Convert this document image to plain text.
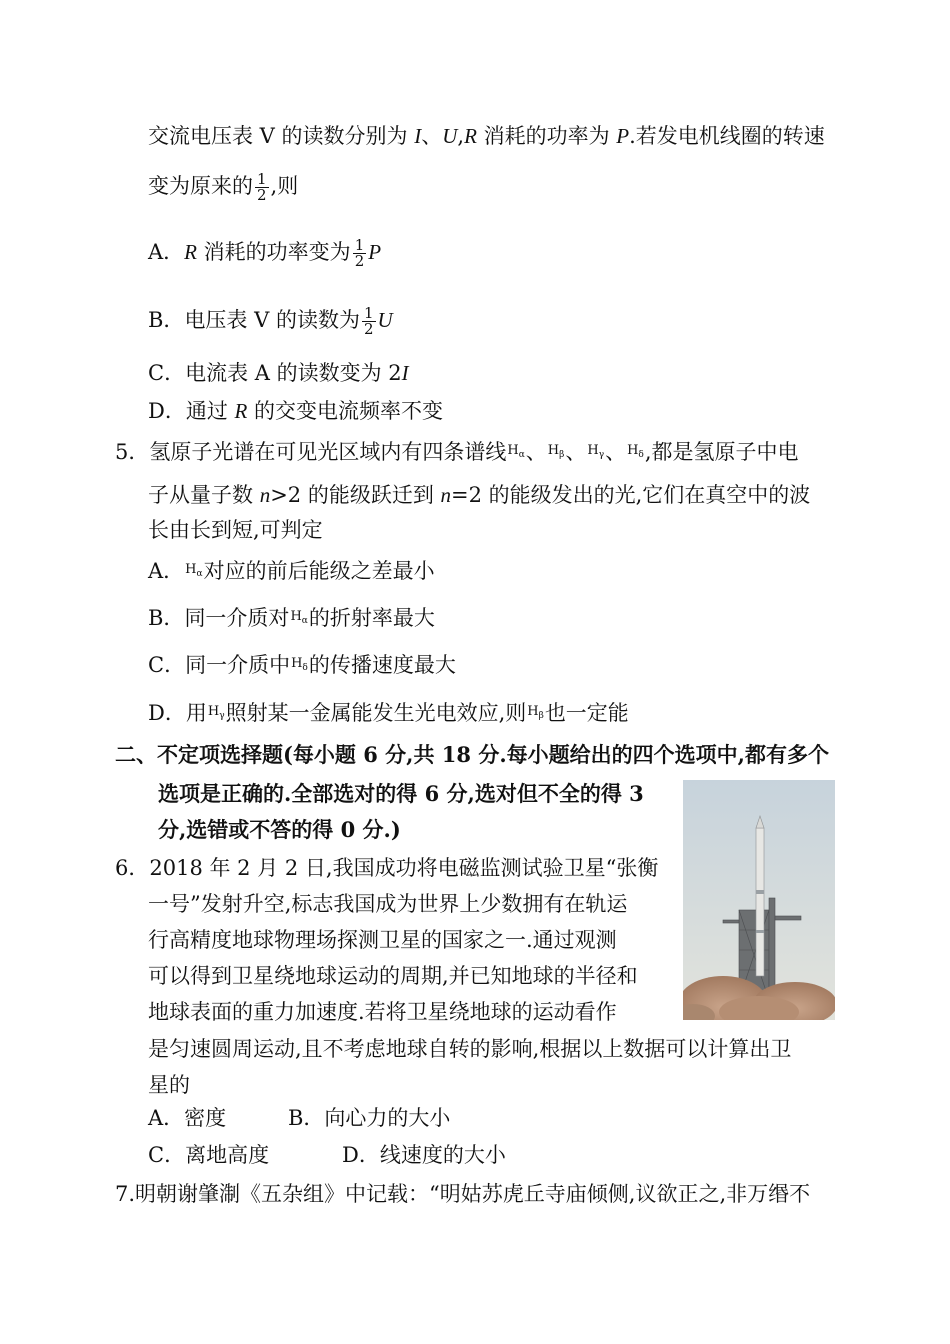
交流电压表 V 的读数分别为 I、U,R 消耗的功率为 P.若发电机线圈的转速
变为原来的 $\frac{1}{2}$ ,则
A．R 消耗的功率变为 $\frac{1}{2}$ P
B．电压表 V 的读数为 $\frac{1}{2}$ U
C．电流表 A 的读数变为 2I
D．通过 R 的交变电流频率不变
5．氢原子光谱在可见光区域内有四条谱线$H_\alpha$、$H_\beta$、$H_\gamma$、$H_\delta$,都是氢原子中电
子从量子数 n>2 的能级跃迁到 n=2 的能级发出的光,它们在真空中的波
长由长到短,可判定
A．$H_\alpha$对应的前后能级之差最小
B．同一介质对$H_\alpha$的折射率最大
C．同一介质中$H_\delta$的传播速度最大
D．用$H_\gamma$照射某一金属能发生光电效应,则$H_\beta$也一定能
二、不定项选择题(每小题 6 分,共 18 分.每小题给出的四个选项中,都有多个
选项是正确的.全部选对的得 6 分,选对但不全的得 3
分,选错或不答的得 0 分.)
6．2018 年 2 月 2 日,我国成功将电磁监测试验卫星“张衡
一号”发射升空,标志我国成为世界上少数拥有在轨运
行高精度地球物理场探测卫星的国家之一.通过观测
可以得到卫星绕地球运动的周期,并已知地球的半径和
地球表面的重力加速度.若将卫星绕地球的运动看作
是匀速圆周运动,且不考虑地球自转的影响,根据以上数据可以计算出卫
星的
A．密度	B．向心力的大小
C．离地高度	D．线速度的大小
7.明朝谢肇淛《五杂组》中记载：“明姑苏虎丘寺庙倾侧,议欲正之,非万缗不
